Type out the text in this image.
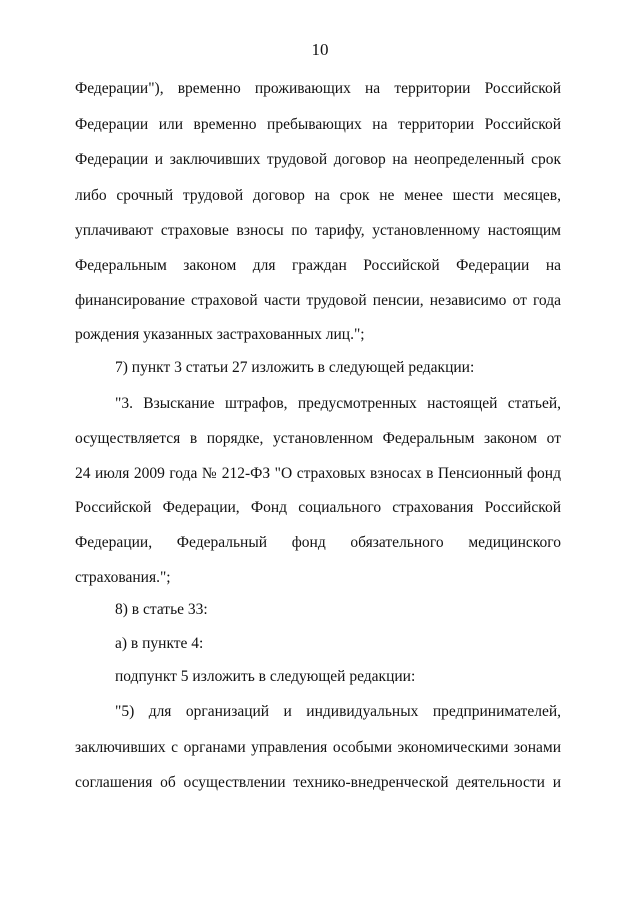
10
Федерации"), временно проживающих на территории Российской
Федерации или временно пребывающих на территории Российской
Федерации и заключивших трудовой договор на неопределенный срок
либо срочный трудовой договор на срок не менее шести месяцев,
уплачивают страховые взносы по тарифу, установленному настоящим
Федеральным законом для граждан Российской Федерации на
финансирование страховой части трудовой пенсии, независимо от года
рождения указанных застрахованных лиц.";
7) пункт 3 статьи 27 изложить в следующей редакции:
"3. Взыскание штрафов, предусмотренных настоящей статьей,
осуществляется в порядке, установленном Федеральным законом от
24 июля 2009 года № 212-ФЗ "О страховых взносах в Пенсионный фонд
Российской Федерации, Фонд социального страхования Российской
Федерации, Федеральный фонд обязательного медицинского
страхования.";
8) в статье 33:
а) в пункте 4:
подпункт 5 изложить в следующей редакции:
"5) для организаций и индивидуальных предпринимателей,
заключивших с органами управления особыми экономическими зонами
соглашения об осуществлении технико-внедренческой деятельности и
